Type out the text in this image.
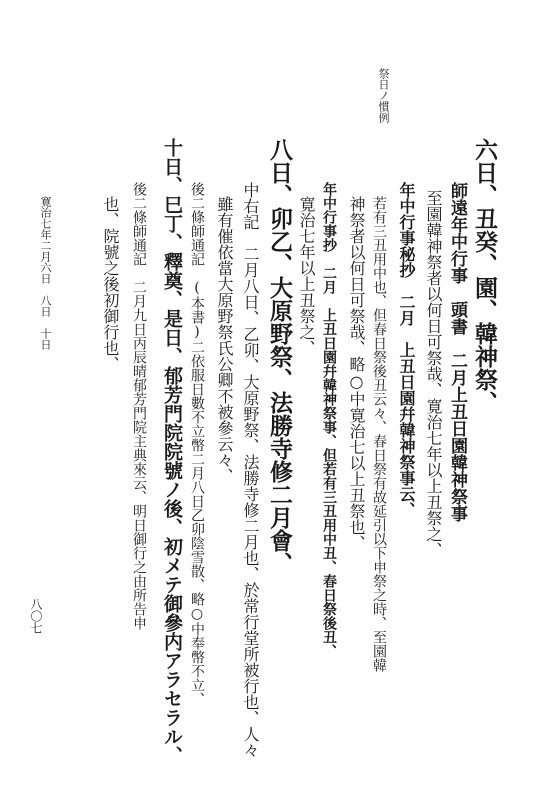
祭日ノ慣例
八〇七
寛治七年二月六日　八日　十日	六日、丑癸、園、韓神祭、
師遠年中行事　頭書　二月上丑日園韓神祭事
至園韓神祭者以何日可祭哉、寛治七年以上丑祭之、
年中行事秘抄　二月　上丑日園幷韓神祭事云、
若有三丑用中也、但春日祭後丑云々、春日祭有故延引以下申祭之時、至園韓
神祭者以何日可祭哉、略○中寛治七以上丑祭也、
年中行事抄　二月　上丑日園幷韓神祭事、但若有三丑用中丑、春日祭後丑、
寛治七年以上丑祭之、
八日、卯乙、大原野祭、法勝寺修二月會、
中右記　二月八日、乙卯、大原野祭、法勝寺修二月也、於常行堂所被行也、人々
雖有催依當大原野祭氏公卿不被參云々、
後二條師通記　(本書)二依服日數不立幣二月八日乙卯陰雪散、略○中奉幣不立、
十日、巳丁、釋奠、是日、郁芳門院院號ノ後、初メテ御參内アラセラル、
後二條師通記　二月九日丙辰晴郁芳門院主典來云、明日御行之由所告申
也、院號之後初御行也、
